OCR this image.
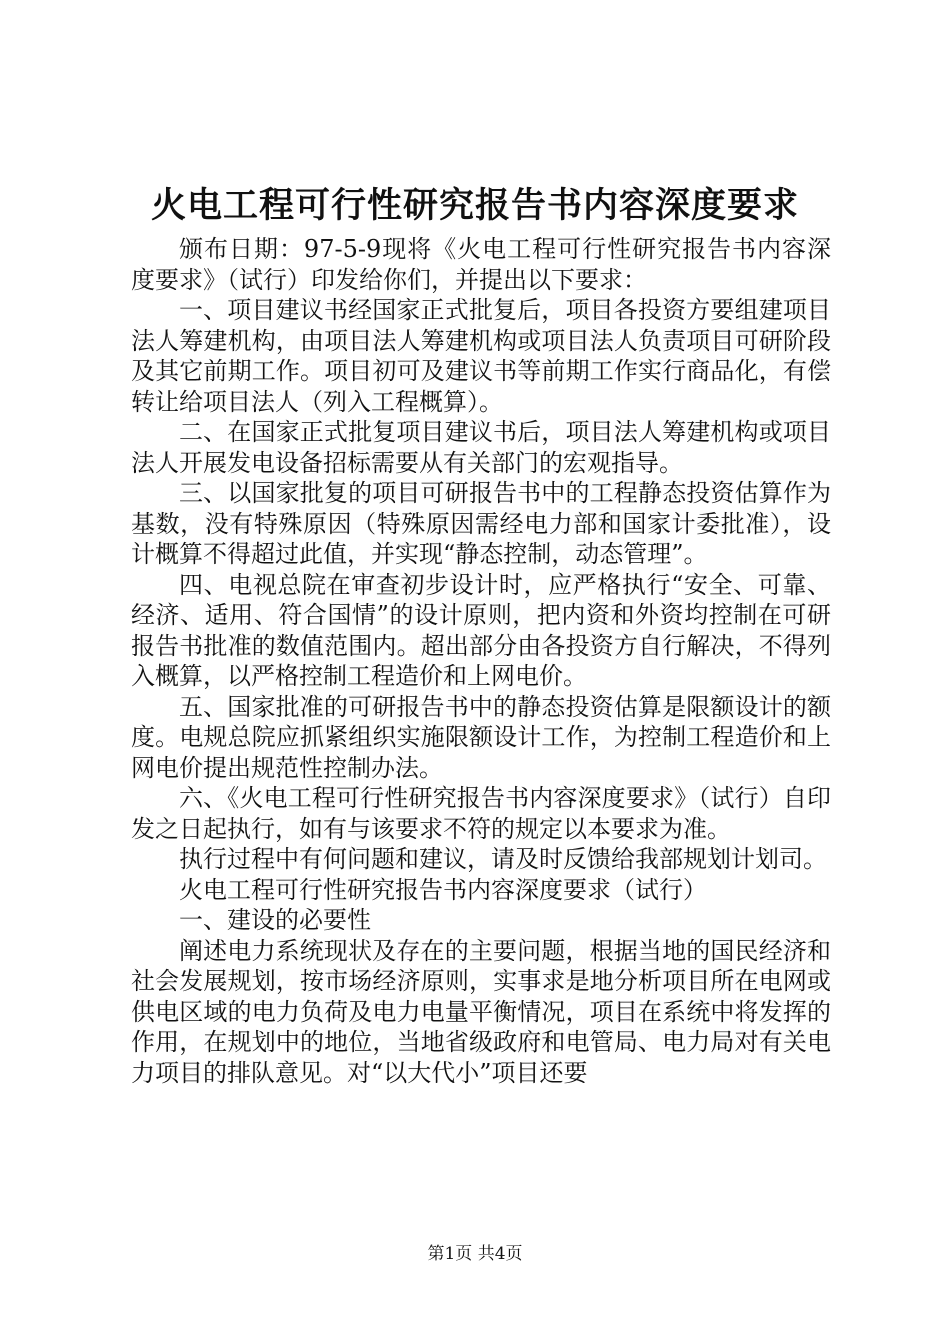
火电工程可行性研究报告书内容深度要求

颁布日期：97-5-9现将《火电工程可行性研究报告书内容深度要求》（试行）印发给你们，并提出以下要求：

一、项目建议书经国家正式批复后，项目各投资方要组建项目法人筹建机构，由项目法人筹建机构或项目法人负责项目可研阶段及其它前期工作。项目初可及建议书等前期工作实行商品化，有偿转让给项目法人（列入工程概算）。

二、在国家正式批复项目建议书后，项目法人筹建机构或项目法人开展发电设备招标需要从有关部门的宏观指导。

三、以国家批复的项目可研报告书中的工程静态投资估算作为基数，没有特殊原因（特殊原因需经电力部和国家计委批准），设计概算不得超过此值，并实现“静态控制，动态管理”。

四、电视总院在审查初步设计时，应严格执行“安全、可靠、经济、适用、符合国情”的设计原则，把内资和外资均控制在可研报告书批准的数值范围内。超出部分由各投资方自行解决，不得列入概算，以严格控制工程造价和上网电价。

五、国家批准的可研报告书中的静态投资估算是限额设计的额度。电规总院应抓紧组织实施限额设计工作，为控制工程造价和上网电价提出规范性控制办法。

六、《火电工程可行性研究报告书内容深度要求》（试行）自印发之日起执行，如有与该要求不符的规定以本要求为准。

执行过程中有何问题和建议，请及时反馈给我部规划计划司。

火电工程可行性研究报告书内容深度要求（试行）

一、建设的必要性

阐述电力系统现状及存在的主要问题，根据当地的国民经济和社会发展规划，按市场经济原则，实事求是地分析项目所在电网或供电区域的电力负荷及电力电量平衡情况，项目在系统中将发挥的作用，在规划中的地位，当地省级政府和电管局、电力局对有关电力项目的排队意见。对“以大代小”项目还要

第1页 共4页
